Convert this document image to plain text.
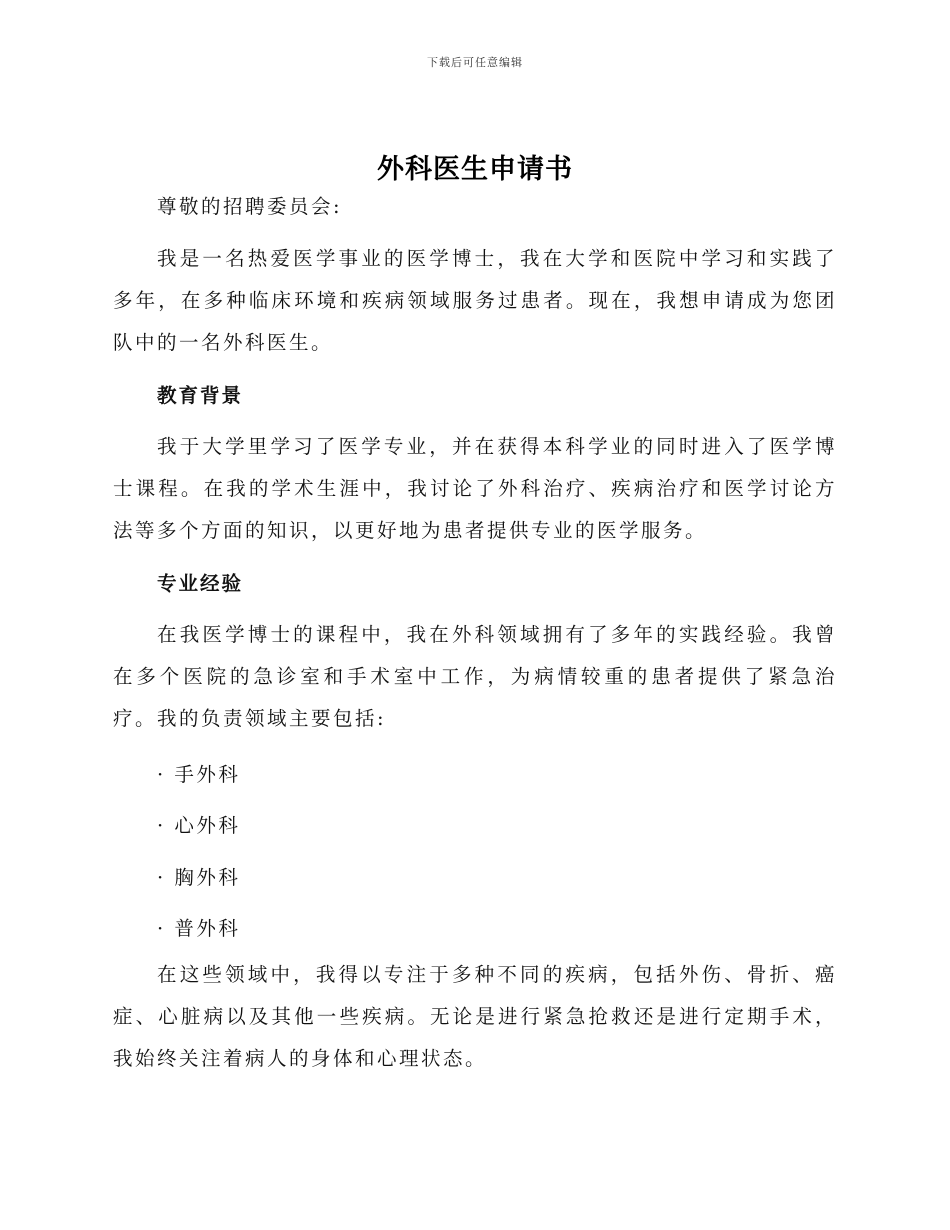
下载后可任意编辑
外科医生申请书

尊敬的招聘委员会:

我是一名热爱医学事业的医学博士，我在大学和医院中学习和实践了多年，在多种临床环境和疾病领域服务过患者。现在，我想申请成为您团队中的一名外科医生。

教育背景

我于大学里学习了医学专业，并在获得本科学业的同时进入了医学博士课程。在我的学术生涯中，我讨论了外科治疗、疾病治疗和医学讨论方法等多个方面的知识，以更好地为患者提供专业的医学服务。

专业经验

在我医学博士的课程中，我在外科领域拥有了多年的实践经验。我曾在多个医院的急诊室和手术室中工作，为病情较重的患者提供了紧急治疗。我的负责领域主要包括:

· 手外科

· 心外科

· 胸外科

· 普外科

在这些领域中，我得以专注于多种不同的疾病，包括外伤、骨折、癌症、心脏病以及其他一些疾病。无论是进行紧急抢救还是进行定期手术，我始终关注着病人的身体和心理状态。
